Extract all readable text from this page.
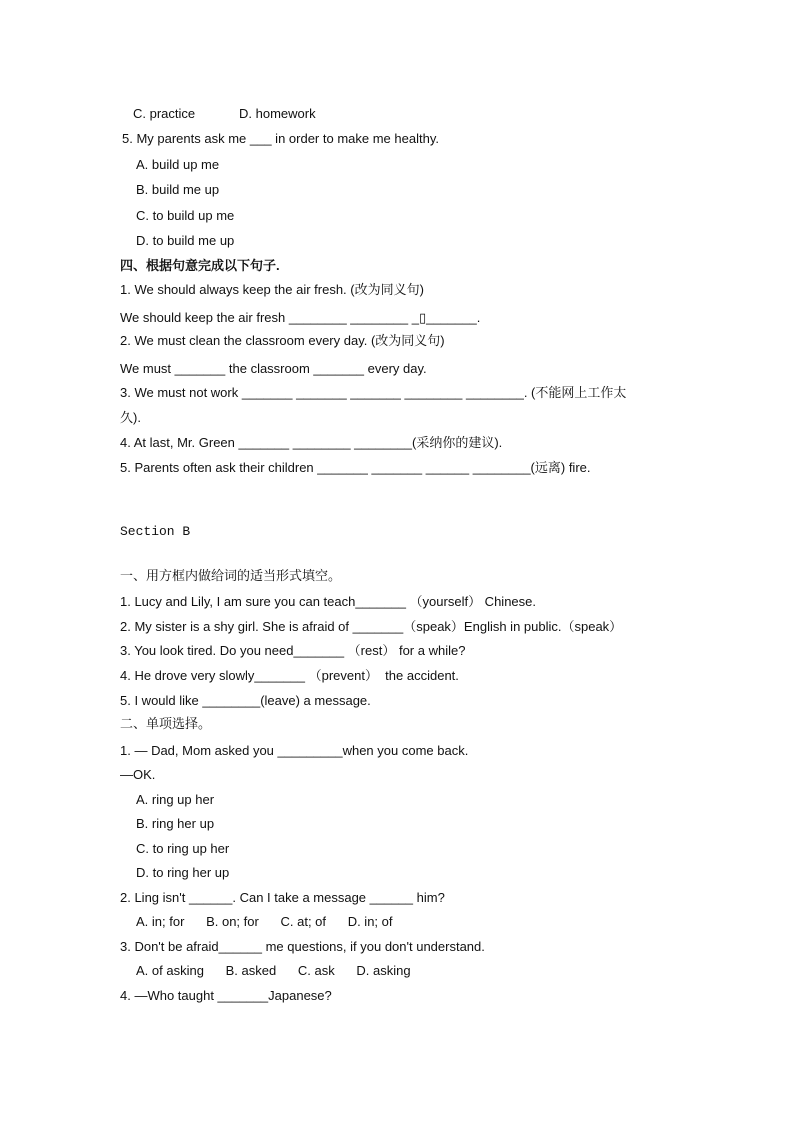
C. practice	D. homework
5. My parents ask me ___ in order to make me healthy.
A. build up me
B. build me up
C. to build up me
D. to build me up
四、根据句意完成以下句子.
1. We should always keep the air fresh. (改为同义句)
We should keep the air fresh ________ ________ _▯_______.
2. We must clean the classroom every day. (改为同义句)
We must _______ the classroom _______ every day.
3. We must not work _______ _______ _______ ________ ________. (不能网上工作太
久).
4. At last, Mr. Green _______ ________ ________(采纳你的建议).
5. Parents often ask their children _______ _______ ______ ________(远离) fire.
Section B
一、用方框内做给词的适当形式填空。
1. Lucy and Lily, I am sure you can teach_______ （yourself） Chinese.
2. My sister is a shy girl. She is afraid of _______（speak）English in public.（speak）
3. You look tired. Do you need_______ （rest） for a while?
4. He drove very slowly_______ （prevent）  the accident.
5. I would like ________(leave) a message.
二、单项选择。
1. — Dad, Mom asked you _________when you come back.
—OK.
A. ring up her
B. ring her up
C. to ring up her
D. to ring her up
2. Ling isn't ______. Can I take a message ______ him?
A. in; for      B. on; for      C. at; of      D. in; of
3. Don't be afraid______ me questions, if you don't understand.
A. of asking      B. asked      C. ask      D. asking
4. —Who taught _______Japanese?
